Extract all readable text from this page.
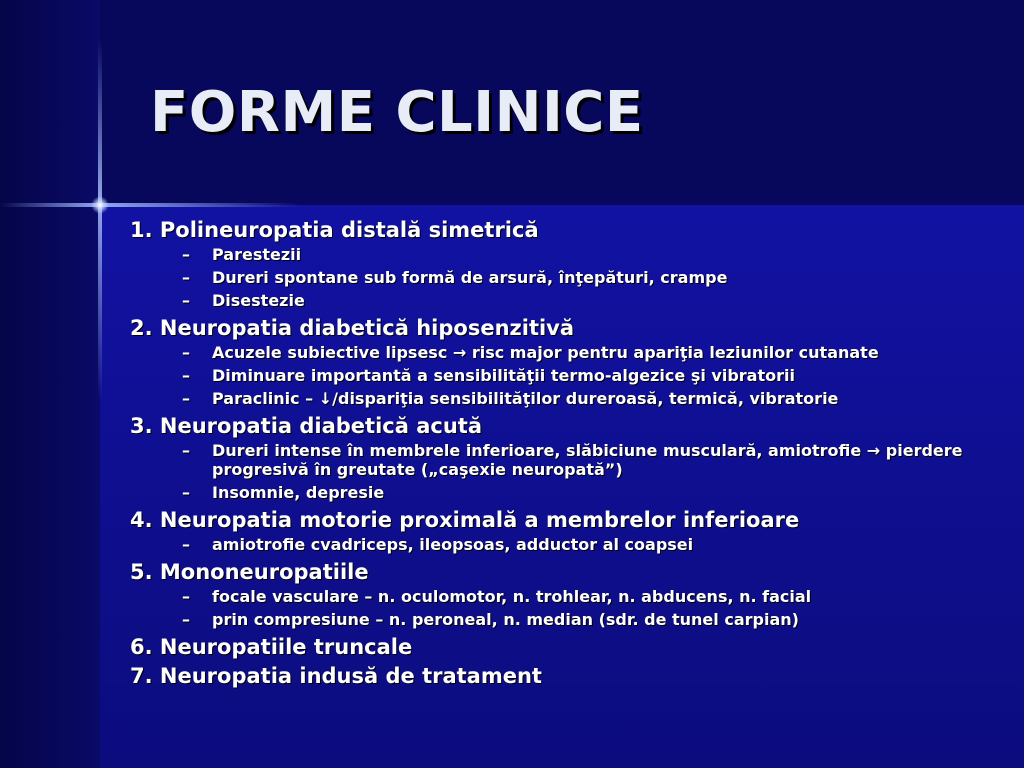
FORME CLINICE

1. Polineuropatia distală simetrică

– Parestezii
– Dureri spontane sub formă de arsură, înţepături, crampe
– Disestezie

2. Neuropatia diabetică hiposenzitivă

– Acuzele subiective lipsesc → risc major pentru apariţia leziunilor cutanate
– Diminuare importantă a sensibilităţii termo-algezice şi vibratorii
– Paraclinic – ↓/dispariţia sensibilităţilor dureroasă, termică, vibratorie

3. Neuropatia diabetică acută

– Dureri intense în membrele inferioare, slăbiciune musculară, amiotrofie → pierdere progresivă în greutate („caşexie neuropată”)
– Insomnie, depresie

4. Neuropatia motorie proximală a membrelor inferioare

– amiotrofie cvadriceps, ileopsoas, adductor al coapsei

5. Mononeuropatiile

– focale vasculare – n. oculomotor, n. trohlear, n. abducens, n. facial
– prin compresiune – n. peroneal, n. median (sdr. de tunel carpian)

6. Neuropatiile truncale

7. Neuropatia indusă de tratament
